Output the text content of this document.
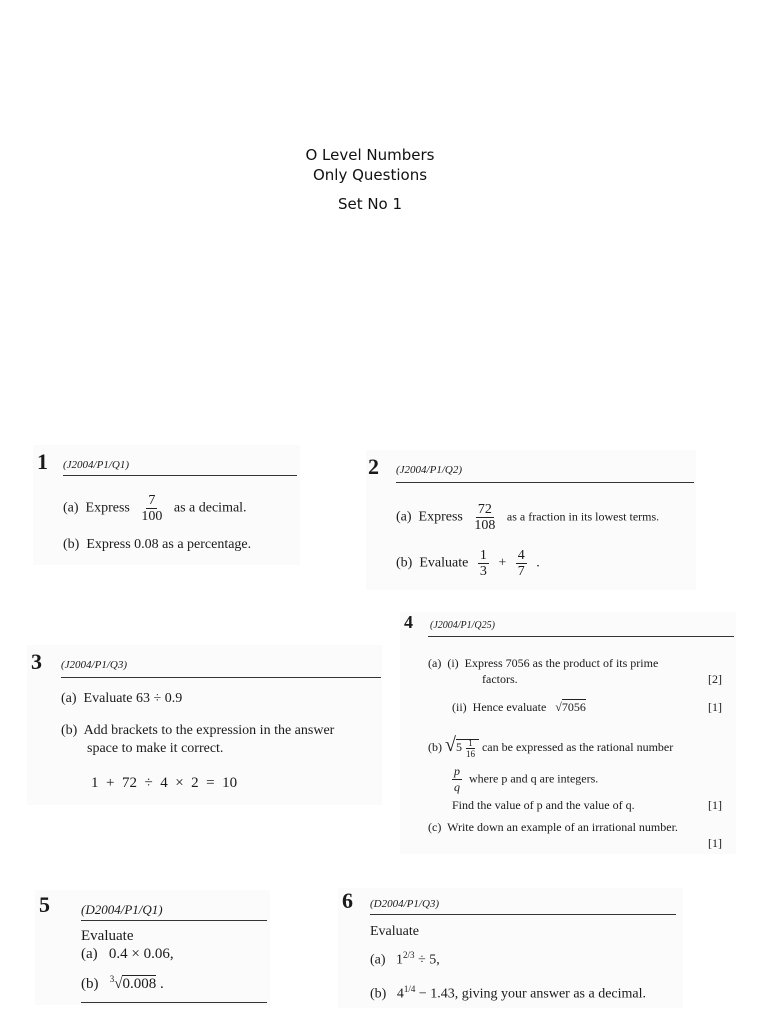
O Level Numbers
Only Questions
Set No 1
1 (J2004/P1/Q1)
(a) Express $\frac{7}{100}$ as a decimal.
(b) Express 0.08 as a percentage.
2 (J2004/P1/Q2)
(a) Express $\frac{72}{108}$ as a fraction in its lowest terms.
(b) Evaluate $\frac{1}{3} + \frac{4}{7}$ .
3 (J2004/P1/Q3)
(a) Evaluate 63 ÷ 0.9
(b) Add brackets to the expression in the answer
space to make it correct.
1  +  72  ÷  4  ×  2  =  10
4 (J2004/P1/Q25)
(a) (i) Express 7056 as the product of its prime
factors.	[2]
(ii) Hence evaluate √7056	[1]
(b) $√5 \frac{1}{16}$ can be expressed as the rational number
$\frac{p}{q}$ where p and q are integers.
Find the value of p and the value of q.	[1]
(c) Write down an example of an irrational number.
[1]
5 (D2004/P1/Q1)
Evaluate
(a) 0.4 × 0.06,
(b) $^3$√0.008 .
6 (D2004/P1/Q3)
Evaluate
(a) $1^{2/3} \div 5$,
(b) $4^{1/4} - 1.43$, giving your answer as a decimal.
